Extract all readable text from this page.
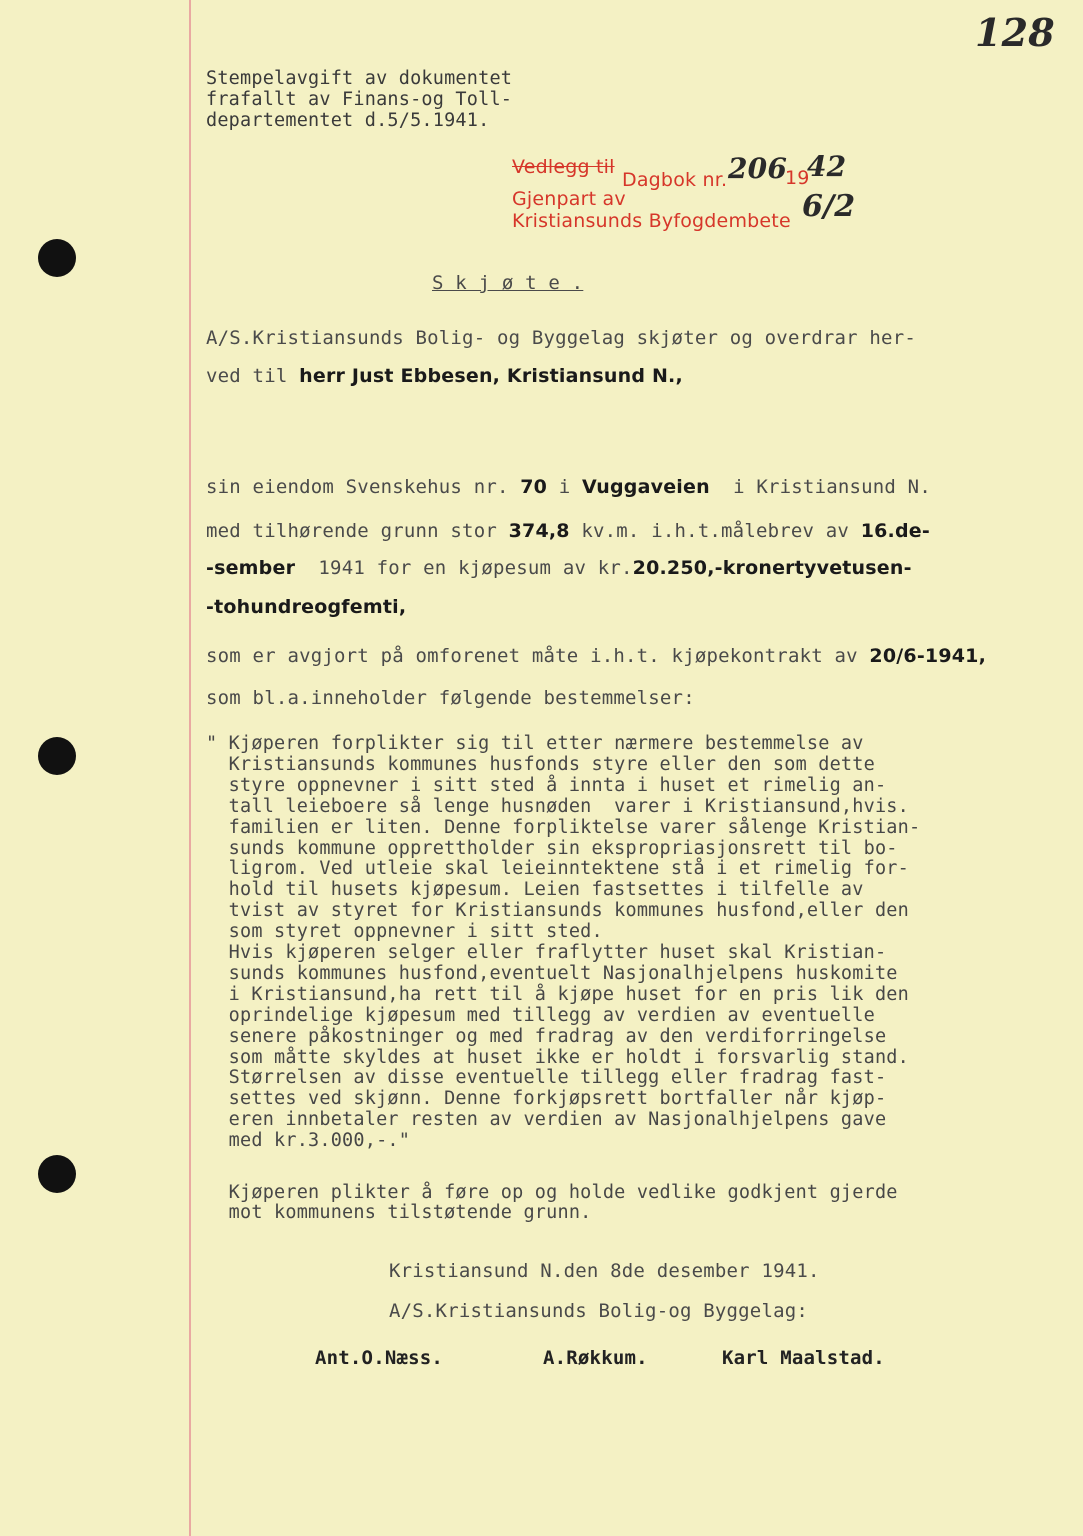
128
Stempelavgift av dokumentet
frafallt av Finans-og Toll-
departementet d.5/5.1941.
Vedlegg til
Dagbok nr. 206
19
42
Gjenpart av
Kristiansunds Byfogdembete 6/2
S k j ø t e .
A/S.Kristiansunds Bolig- og Byggelag skjøter og overdrar her-
ved til herr Just Ebbesen, Kristiansund N.,
sin eiendom Svenskehus nr. 70 i Vuggaveien  i Kristiansund N.
med tilhørende grunn stor 374,8 kv.m. i.h.t.målebrev av 16.de-
-sember  1941 for en kjøpesum av kr.20.250,-kronertyvetusen-
-tohundreogfemti,
som er avgjort på omforenet måte i.h.t. kjøpekontrakt av 20/6-1941,
som bl.a.inneholder følgende bestemmelser:
" Kjøperen forplikter sig til etter nærmere bestemmelse av
Kristiansunds kommunes husfonds styre eller den som dette
styre oppnevner i sitt sted å innta i huset et rimelig an-
tall leieboere så lenge husnøden  varer i Kristiansund,hvis.
familien er liten. Denne forpliktelse varer sålenge Kristian-
sunds kommune opprettholder sin ekspropriasjonsrett til bo-
ligrom. Ved utleie skal leieinntektene stå i et rimelig for-
hold til husets kjøpesum. Leien fastsettes i tilfelle av
tvist av styret for Kristiansunds kommunes husfond,eller den
som styret oppnevner i sitt sted.
Hvis kjøperen selger eller fraflytter huset skal Kristian-
sunds kommunes husfond,eventuelt Nasjonalhjelpens huskomite
i Kristiansund,ha rett til å kjøpe huset for en pris lik den
oprindelige kjøpesum med tillegg av verdien av eventuelle
senere påkostninger og med fradrag av den verdiforringelse
som måtte skyldes at huset ikke er holdt i forsvarlig stand.
Størrelsen av disse eventuelle tillegg eller fradrag fast-
settes ved skjønn. Denne forkjøpsrett bortfaller når kjøp-
eren innbetaler resten av verdien av Nasjonalhjelpens gave
med kr.3.000,-."
Kjøperen plikter å føre op og holde vedlike godkjent gjerde
mot kommunens tilstøtende grunn.
Kristiansund N.den 8de desember 1941.
A/S.Kristiansunds Bolig-og Byggelag:
Ant.O.Næss.	A.Røkkum.	Karl Maalstad.
